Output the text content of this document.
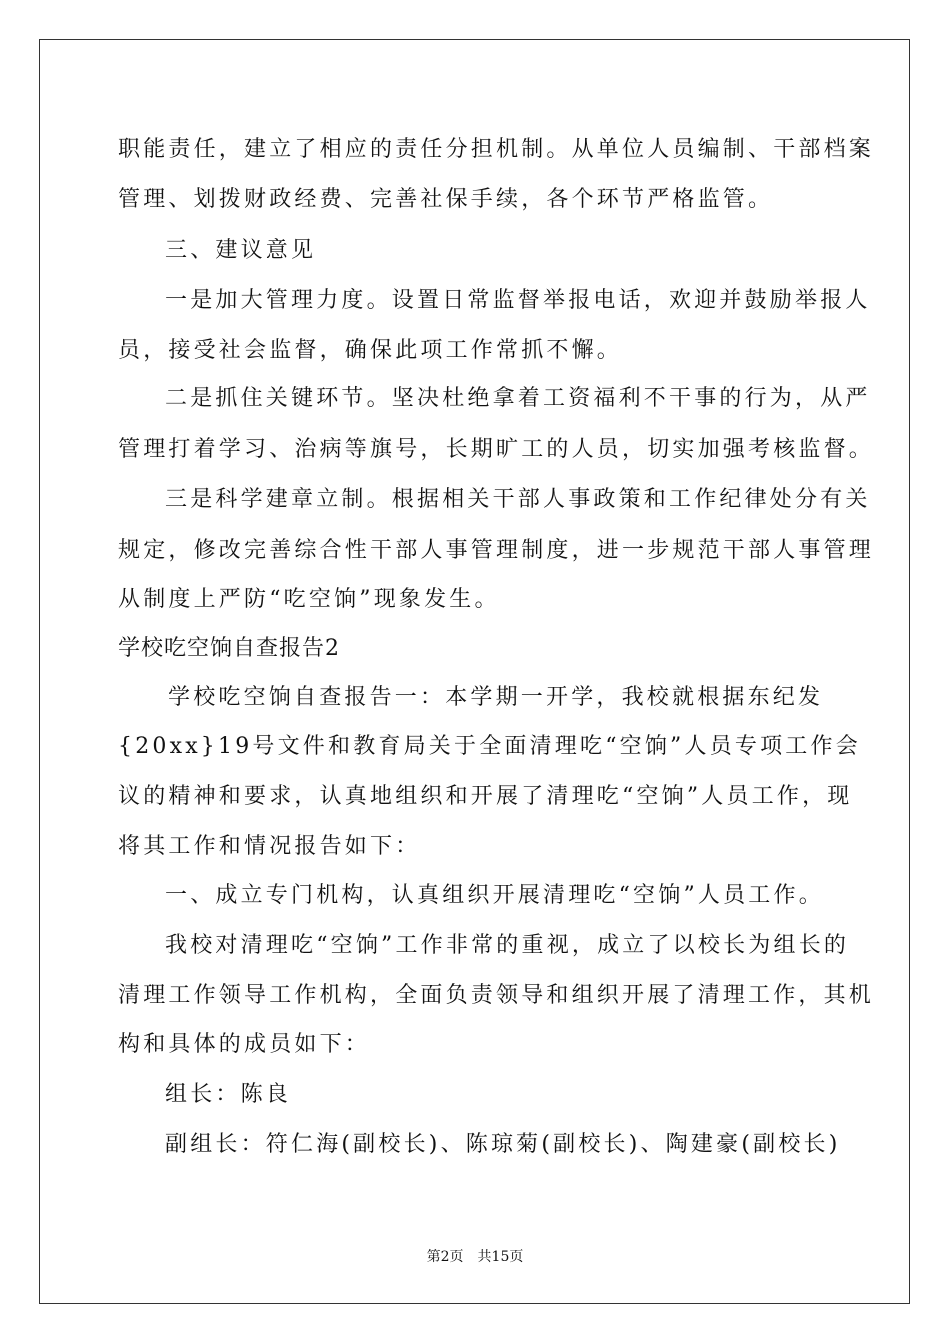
职能责任，建立了相应的责任分担机制。从单位人员编制、干部档案
管理、划拨财政经费、完善社保手续，各个环节严格监管。
三、建议意见
一是加大管理力度。设置日常监督举报电话，欢迎并鼓励举报人
员，接受社会监督，确保此项工作常抓不懈。
二是抓住关键环节。坚决杜绝拿着工资福利不干事的行为，从严
管理打着学习、治病等旗号，长期旷工的人员，切实加强考核监督。
三是科学建章立制。根据相关干部人事政策和工作纪律处分有关
规定，修改完善综合性干部人事管理制度，进一步规范干部人事管理
从制度上严防“吃空饷”现象发生。
学校吃空饷自查报告2
学校吃空饷自查报告一：本学期一开学，我校就根据东纪发
{20xx}19号文件和教育局关于全面清理吃“空饷”人员专项工作会
议的精神和要求，认真地组织和开展了清理吃“空饷”人员工作，现
将其工作和情况报告如下：
一、成立专门机构，认真组织开展清理吃“空饷”人员工作。
我校对清理吃“空饷”工作非常的重视，成立了以校长为组长的
清理工作领导工作机构，全面负责领导和组织开展了清理工作，其机
构和具体的成员如下：
组长：陈良
副组长：符仁海(副校长)、陈琼菊(副校长)、陶建豪(副校长)
第2页 共15页
